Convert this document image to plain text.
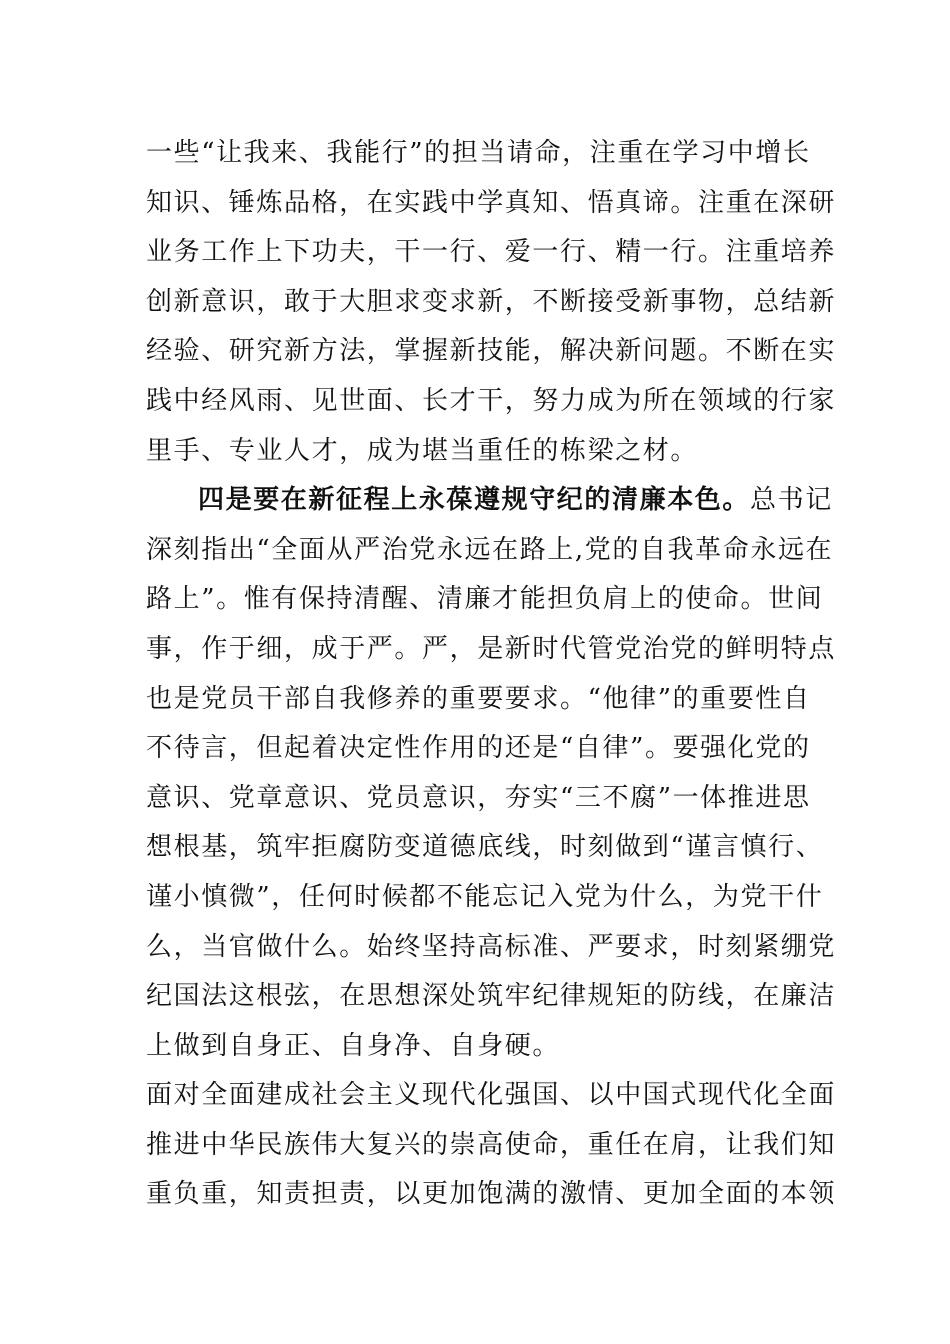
一些“让我来、我能行”的担当请命，注重在学习中增长
知识、锤炼品格，在实践中学真知、悟真谛。注重在深研
业务工作上下功夫，干一行、爱一行、精一行。注重培养
创新意识，敢于大胆求变求新，不断接受新事物，总结新
经验、研究新方法，掌握新技能，解决新问题。不断在实
践中经风雨、见世面、长才干，努力成为所在领域的行家
里手、专业人才，成为堪当重任的栋梁之材。
四是要在新征程上永葆遵规守纪的清廉本色。 总书记
深刻指出“全面从严治党永远在路上,党的自我革命永远在
路上”。惟有保持清醒、清廉才能担负肩上的使命。世间
事，作于细，成于严。严，是新时代管党治党的鲜明特点
也是党员干部自我修养的重要要求。“他律”的重要性自
不待言，但起着决定性作用的还是“自律”。要强化党的
意识、党章意识、党员意识，夯实“三不腐”一体推进思
想根基，筑牢拒腐防变道德底线，时刻做到“谨言慎行、
谨小慎微”，任何时候都不能忘记入党为什么，为党干什
么，当官做什么。始终坚持高标准、严要求，时刻紧绷党
纪国法这根弦，在思想深处筑牢纪律规矩的防线，在廉洁
上做到自身正、自身净、自身硬。
面对全面建成社会主义现代化强国、以中国式现代化全面
推进中华民族伟大复兴的崇高使命，重任在肩，让我们知
重负重，知责担责，以更加饱满的激情、更加全面的本领
